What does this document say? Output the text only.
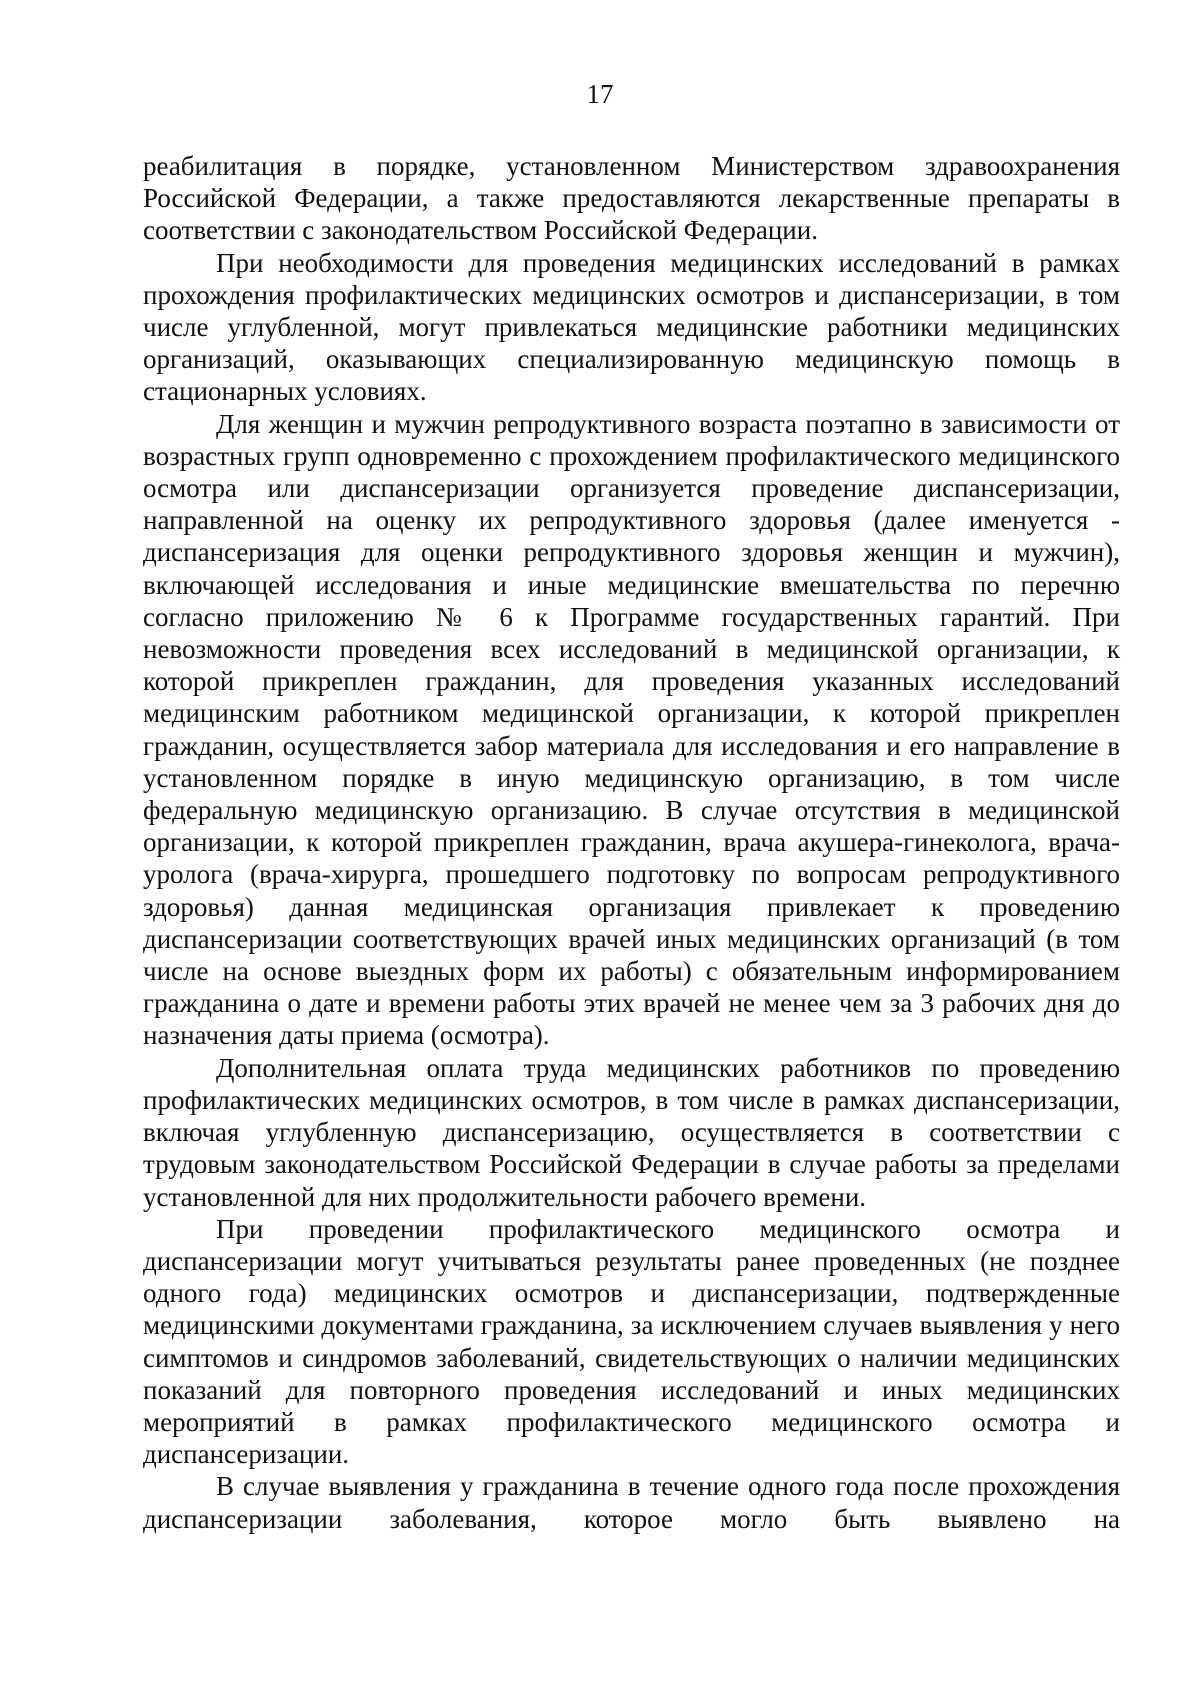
17

реабилитация в порядке, установленном Министерством здравоохранения Российской Федерации, а также предоставляются лекарственные препараты в соответствии с законодательством Российской Федерации.

При необходимости для проведения медицинских исследований в рамках прохождения профилактических медицинских осмотров и диспансеризации, в том числе углубленной, могут привлекаться медицинские работники медицинских организаций, оказывающих специализированную медицинскую помощь в стационарных условиях.

Для женщин и мужчин репродуктивного возраста поэтапно в зависимости от возрастных групп одновременно с прохождением профилактического медицинского осмотра или диспансеризации организуется проведение диспансеризации, направленной на оценку их репродуктивного здоровья (далее именуется - диспансеризация для оценки репродуктивного здоровья женщин и мужчин), включающей исследования и иные медицинские вмешательства по перечню согласно приложению № 6 к Программе государственных гарантий. При невозможности проведения всех исследований в медицинской организации, к которой прикреплен гражданин, для проведения указанных исследований медицинским работником медицинской организации, к которой прикреплен гражданин, осуществляется забор материала для исследования и его направление в установленном порядке в иную медицинскую организацию, в том числе федеральную медицинскую организацию. В случае отсутствия в медицинской организации, к которой прикреплен гражданин, врача акушера-гинеколога, врача-уролога (врача-хирурга, прошедшего подготовку по вопросам репродуктивного здоровья) данная медицинская организация привлекает к проведению диспансеризации соответствующих врачей иных медицинских организаций (в том числе на основе выездных форм их работы) с обязательным информированием гражданина о дате и времени работы этих врачей не менее чем за 3 рабочих дня до назначения даты приема (осмотра).

Дополнительная оплата труда медицинских работников по проведению профилактических медицинских осмотров, в том числе в рамках диспансеризации, включая углубленную диспансеризацию, осуществляется в соответствии с трудовым законодательством Российской Федерации в случае работы за пределами установленной для них продолжительности рабочего времени.

При проведении профилактического медицинского осмотра и диспансеризации могут учитываться результаты ранее проведенных (не позднее одного года) медицинских осмотров и диспансеризации, подтвержденные медицинскими документами гражданина, за исключением случаев выявления у него симптомов и синдромов заболеваний, свидетельствующих о наличии медицинских показаний для повторного проведения исследований и иных медицинских мероприятий в рамках профилактического медицинского осмотра и диспансеризации.

В случае выявления у гражданина в течение одного года после прохождения диспансеризации заболевания, которое могло быть выявлено на
